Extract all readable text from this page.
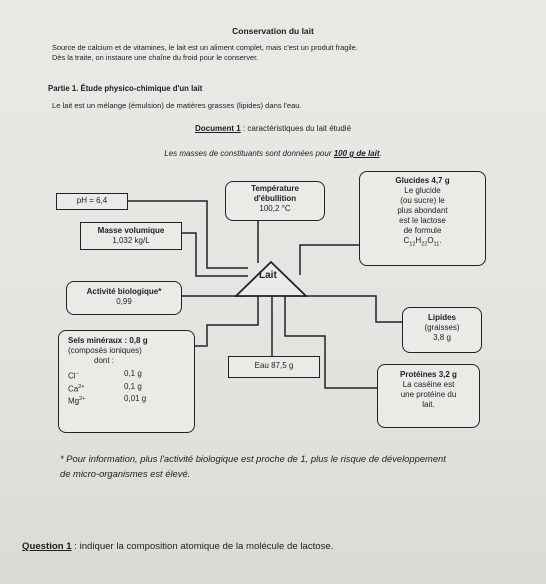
Conservation du lait
Source de calcium et de vitamines, le lait est un aliment complet, mais c'est un produit fragile.
Dès la traite, on instaure une chaîne du froid pour le conserver.
Partie 1. Étude physico-chimique d'un lait
Le lait est un mélange (émulsion) de matières grasses (lipides) dans l'eau.
Document 1 : caractéristiques du lait étudié
Les masses de constituants sont données pour 100 g de lait.
Lait
pH = 6,4
Température
d'ébullition
100,2 °C
Masse volumique
1,032 kg/L
Activité biologique*
0,99
Sels minéraux : 0,8 g
(composés ioniques)
dont :
Cl−	0,1 g
$Ca^{2+}$	0,1 g
$Mg^{2+}$	0,01 g
Eau 87,5 g
Glucides 4,7 g
Le glucide
(ou sucre) le
plus abondant
est le lactose
de formule
$C_{12}H_{22}O_{11}$.
Lipides
(graisses)
3,8 g
Protéines 3,2 g
La caséine est
une protéine du
lait.
* Pour information, plus l'activité biologique est proche de 1, plus le risque de développement
de micro-organismes est élevé.
Question 1 : indiquer la composition atomique de la molécule de lactose.
